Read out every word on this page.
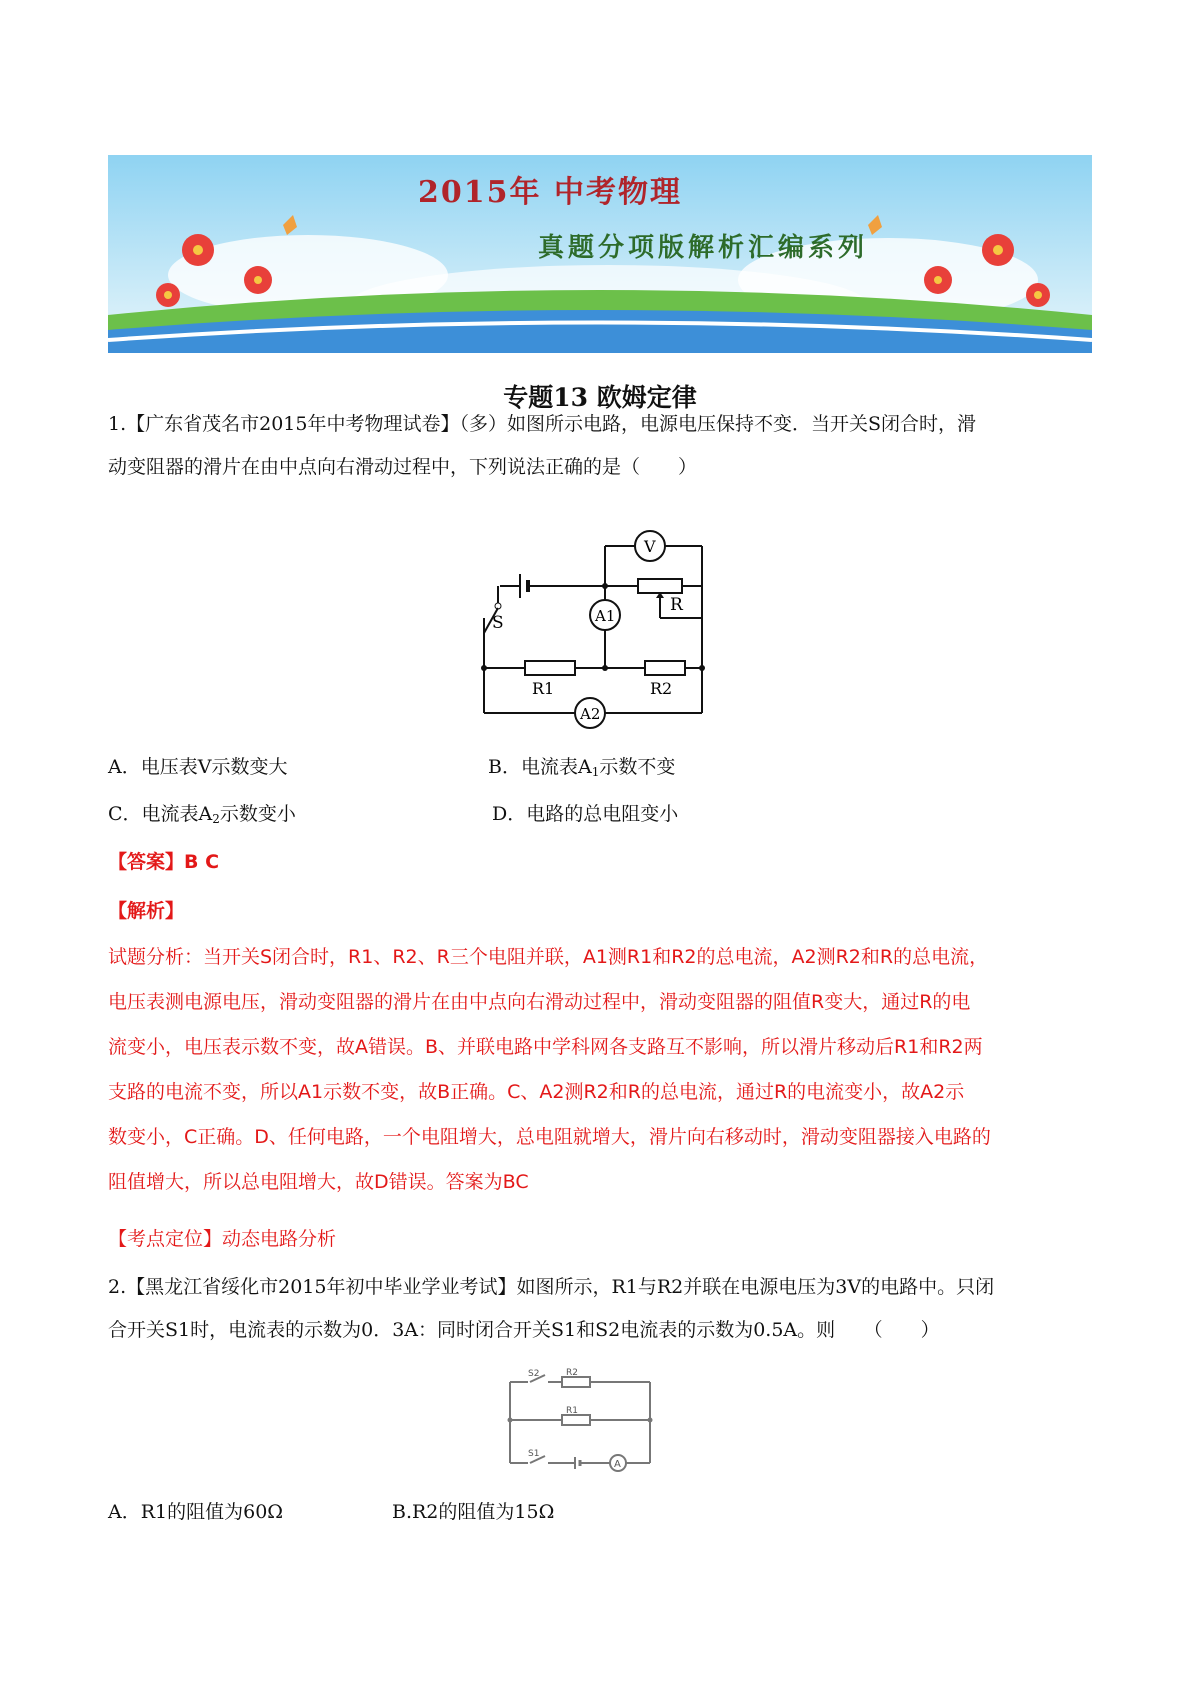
2015年 中考物理
真题分项版解析汇编系列
专题13 欧姆定律
1.【广东省茂名市2015年中考物理试卷】（多）如图所示电路，电源电压保持不变．当开关S闭合时，滑
动变阻器的滑片在由中点向右滑动过程中，下列说法正确的是（　　）
V
A1
R
S
R1	R2
A2
A．电压表V示数变大	B．电流表$A_1$示数不变
C．电流表$A_2$示数变小	D．电路的总电阻变小
【答案】B C
【解析】
试题分析：当开关S闭合时，R1、R2、R三个电阻并联，A1测R1和R2的总电流，A2测R2和R的总电流，
电压表测电源电压，滑动变阻器的滑片在由中点向右滑动过程中，滑动变阻器的阻值R变大，通过R的电
流变小，电压表示数不变，故A错误。B、并联电路中学科网各支路互不影响，所以滑片移动后R1和R2两
支路的电流不变，所以A1示数不变，故B正确。C、A2测R2和R的总电流，通过R的电流变小，故A2示
数变小，C正确。D、任何电路，一个电阻增大，总电阻就增大，滑片向右移动时，滑动变阻器接入电路的
阻值增大，所以总电阻增大，故D错误。答案为BC
【考点定位】动态电路分析
2.【黑龙江省绥化市2015年初中毕业学业考试】如图所示，R1与R2并联在电源电压为3V的电路中。只闭
合开关S1时，电流表的示数为0．3A：同时闭合开关S1和S2电流表的示数为0.5A。则　　（　　）
S2	R2
R1
S1
A
A．R1的阻值为60Ω	B.R2的阻值为15Ω
